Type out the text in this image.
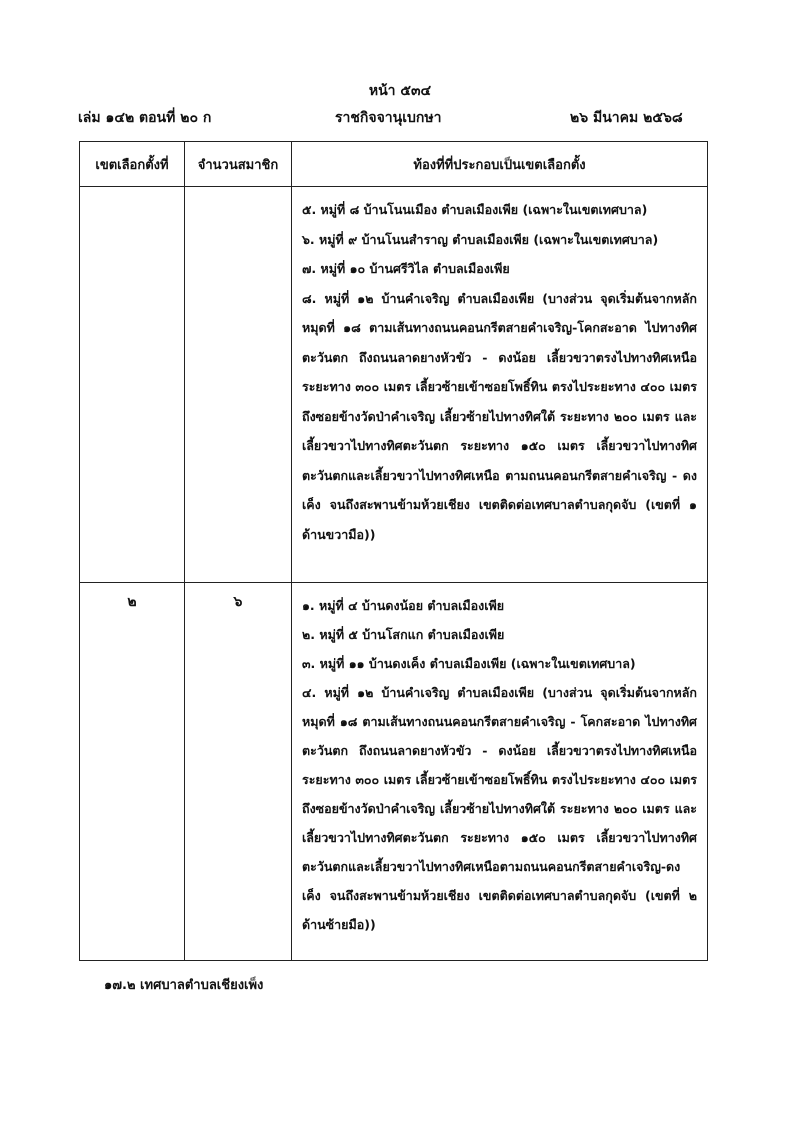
หน้า ๕๓๔
เล่ม ๑๔๒ ตอนที่ ๒๐ ก	ราชกิจจานุเบกษา	๒๖ มีนาคม ๒๕๖๘
เขตเลือกตั้งที่	จำนวนสมาชิก	ท้องที่ที่ประกอบเป็นเขตเลือกตั้ง

		๕. หมู่ที่ ๘ บ้านโนนเมือง ตำบลเมืองเพีย (เฉพาะในเขตเทศบาล)
๖. หมู่ที่ ๙ บ้านโนนสำราญ ตำบลเมืองเพีย (เฉพาะในเขตเทศบาล)
๗. หมู่ที่ ๑๐ บ้านศรีวิไล ตำบลเมืองเพีย
๘. หมู่ที่ ๑๒ บ้านคำเจริญ ตำบลเมืองเพีย (บางส่วน จุดเริ่มต้นจากหลักหมุดที่ ๑๘ ตามเส้นทางถนนคอนกรีตสายคำเจริญ-โคกสะอาด ไปทางทิศตะวันตก ถึงถนนลาดยางหัวขัว - ดงน้อย เลี้ยวขวาตรงไปทางทิศเหนือ ระยะทาง ๓๐๐ เมตร เลี้ยวซ้ายเข้าซอยโพธิ์ทิน ตรงไประยะทาง ๔๐๐ เมตร ถึงซอยข้างวัดป่าคำเจริญ เลี้ยวซ้ายไปทางทิศใต้ ระยะทาง ๒๐๐ เมตร และเลี้ยวขวาไปทางทิศตะวันตก ระยะทาง ๑๕๐ เมตร เลี้ยวขวาไปทางทิศตะวันตกและเลี้ยวขวาไปทางทิศเหนือ ตามถนนคอนกรีตสายคำเจริญ - ดงเค็ง จนถึงสะพานข้ามห้วยเชียง เขตติดต่อเทศบาลตำบลกุดจับ (เขตที่ ๑ ด้านขวามือ))

๒	๖	๑. หมู่ที่ ๔ บ้านดงน้อย ตำบลเมืองเพีย
๒. หมู่ที่ ๕ บ้านโสกแก ตำบลเมืองเพีย
๓. หมู่ที่ ๑๑ บ้านดงเค็ง ตำบลเมืองเพีย (เฉพาะในเขตเทศบาล)
๔. หมู่ที่ ๑๒ บ้านคำเจริญ ตำบลเมืองเพีย (บางส่วน จุดเริ่มต้นจากหลักหมุดที่ ๑๘ ตามเส้นทางถนนคอนกรีตสายคำเจริญ - โคกสะอาด ไปทางทิศตะวันตก ถึงถนนลาดยางหัวขัว - ดงน้อย เลี้ยวขวาตรงไปทางทิศเหนือ ระยะทาง ๓๐๐ เมตร เลี้ยวซ้ายเข้าซอยโพธิ์ทิน ตรงไประยะทาง ๔๐๐ เมตร ถึงซอยข้างวัดป่าคำเจริญ เลี้ยวซ้ายไปทางทิศใต้ ระยะทาง ๒๐๐ เมตร และเลี้ยวขวาไปทางทิศตะวันตก ระยะทาง ๑๕๐ เมตร เลี้ยวขวาไปทางทิศตะวันตกและเลี้ยวขวาไปทางทิศเหนือตามถนนคอนกรีตสายคำเจริญ-ดงเค็ง จนถึงสะพานข้ามห้วยเชียง เขตติดต่อเทศบาลตำบลกุดจับ (เขตที่ ๒ ด้านซ้ายมือ))
๑๗.๒ เทศบาลตำบลเชียงเพ็ง
